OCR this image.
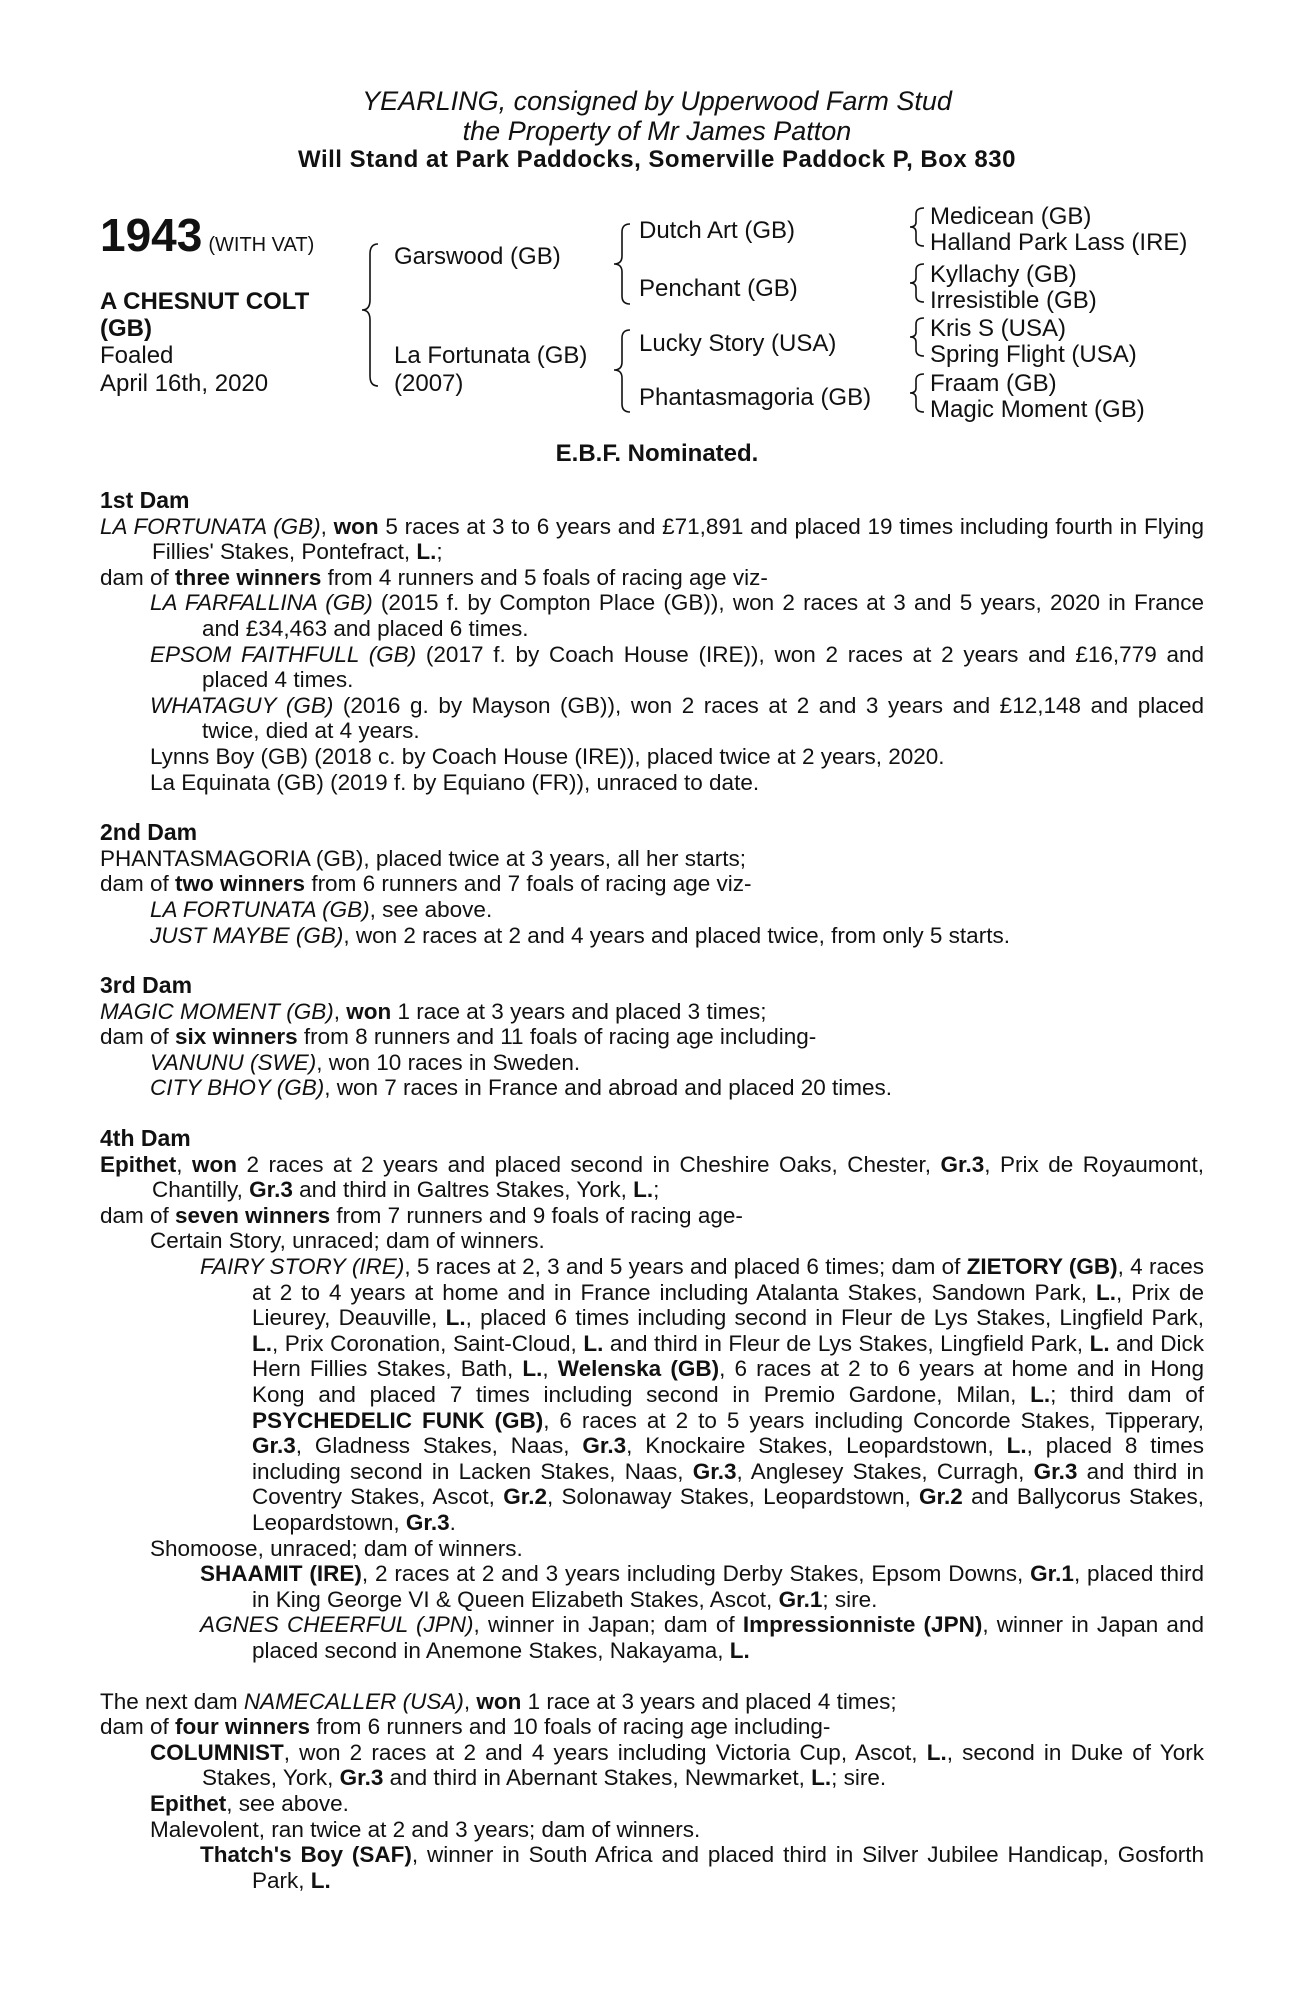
YEARLING, consigned by Upperwood Farm Stud
the Property of Mr James Patton
Will Stand at Park Paddocks, Somerville Paddock P, Box 830
1943 (WITH VAT)
A CHESNUT COLT
(GB)
Foaled
April 16th, 2020
Garswood (GB)
La Fortunata (GB)
(2007)
Dutch Art (GB)
Penchant (GB)
Lucky Story (USA)
Phantasmagoria (GB)
Medicean (GB)
Halland Park Lass (IRE)
Kyllachy (GB)
Irresistible (GB)
Kris S (USA)
Spring Flight (USA)
Fraam (GB)
Magic Moment (GB)
E.B.F. Nominated.
1st Dam

LA FORTUNATA (GB), won 5 races at 3 to 6 years and £71,891 and placed 19 times including fourth in Flying Fillies' Stakes, Pontefract, L.;

dam of three winners from 4 runners and 5 foals of racing age viz-

LA FARFALLINA (GB) (2015 f. by Compton Place (GB)), won 2 races at 3 and 5 years, 2020 in France and £34,463 and placed 6 times.

EPSOM FAITHFULL (GB) (2017 f. by Coach House (IRE)), won 2 races at 2 years and £16,779 and placed 4 times.

WHATAGUY (GB) (2016 g. by Mayson (GB)), won 2 races at 2 and 3 years and £12,148 and placed twice, died at 4 years.

Lynns Boy (GB) (2018 c. by Coach House (IRE)), placed twice at 2 years, 2020.

La Equinata (GB) (2019 f. by Equiano (FR)), unraced to date.

2nd Dam

PHANTASMAGORIA (GB), placed twice at 3 years, all her starts;

dam of two winners from 6 runners and 7 foals of racing age viz-

LA FORTUNATA (GB), see above.

JUST MAYBE (GB), won 2 races at 2 and 4 years and placed twice, from only 5 starts.

3rd Dam

MAGIC MOMENT (GB), won 1 race at 3 years and placed 3 times;

dam of six winners from 8 runners and 11 foals of racing age including-

VANUNU (SWE), won 10 races in Sweden.

CITY BHOY (GB), won 7 races in France and abroad and placed 20 times.

4th Dam

Epithet, won 2 races at 2 years and placed second in Cheshire Oaks, Chester, Gr.3, Prix de Royaumont, Chantilly, Gr.3 and third in Galtres Stakes, York, L.;

dam of seven winners from 7 runners and 9 foals of racing age-

Certain Story, unraced; dam of winners.

FAIRY STORY (IRE), 5 races at 2, 3 and 5 years and placed 6 times; dam of ZIETORY (GB), 4 races at 2 to 4 years at home and in France including Atalanta Stakes, Sandown Park, L., Prix de Lieurey, Deauville, L., placed 6 times including second in Fleur de Lys Stakes, Lingfield Park, L., Prix Coronation, Saint-Cloud, L. and third in Fleur de Lys Stakes, Lingfield Park, L. and Dick Hern Fillies Stakes, Bath, L., Welenska (GB), 6 races at 2 to 6 years at home and in Hong Kong and placed 7 times including second in Premio Gardone, Milan, L.; third dam of PSYCHEDELIC FUNK (GB), 6 races at 2 to 5 years including Concorde Stakes, Tipperary, Gr.3, Gladness Stakes, Naas, Gr.3, Knockaire Stakes, Leopardstown, L., placed 8 times including second in Lacken Stakes, Naas, Gr.3, Anglesey Stakes, Curragh, Gr.3 and third in Coventry Stakes, Ascot, Gr.2, Solonaway Stakes, Leopardstown, Gr.2 and Ballycorus Stakes, Leopardstown, Gr.3.

Shomoose, unraced; dam of winners.

SHAAMIT (IRE), 2 races at 2 and 3 years including Derby Stakes, Epsom Downs, Gr.1, placed third in King George VI & Queen Elizabeth Stakes, Ascot, Gr.1; sire.

AGNES CHEERFUL (JPN), winner in Japan; dam of Impressionniste (JPN), winner in Japan and placed second in Anemone Stakes, Nakayama, L.

The next dam NAMECALLER (USA), won 1 race at 3 years and placed 4 times;

dam of four winners from 6 runners and 10 foals of racing age including-

COLUMNIST, won 2 races at 2 and 4 years including Victoria Cup, Ascot, L., second in Duke of York Stakes, York, Gr.3 and third in Abernant Stakes, Newmarket, L.; sire.

Epithet, see above.

Malevolent, ran twice at 2 and 3 years; dam of winners.

Thatch's Boy (SAF), winner in South Africa and placed third in Silver Jubilee Handicap, Gosforth Park, L.
